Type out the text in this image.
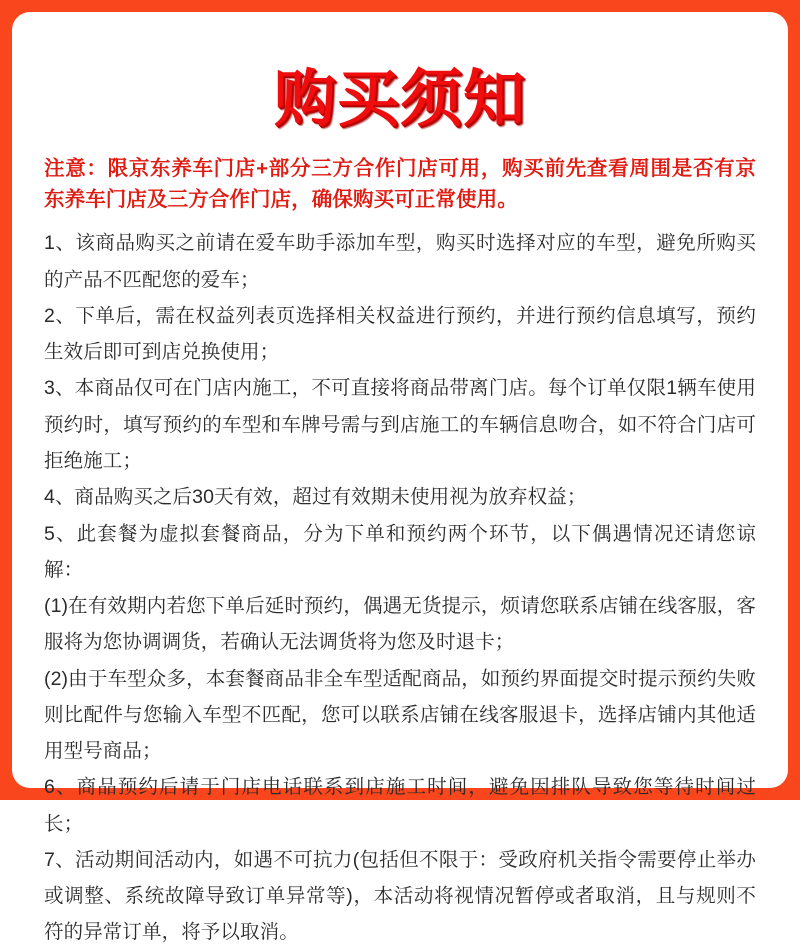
购买须知

注意：限京东养车门店+部分三方合作门店可用，购买前先查看周围是否有京东养车门店及三方合作门店，确保购买可正常使用。

1、该商品购买之前请在爱车助手添加车型，购买时选择对应的车型，避免所购买的产品不匹配您的爱车；

2、下单后，需在权益列表页选择相关权益进行预约，并进行预约信息填写，预约生效后即可到店兑换使用；

3、本商品仅可在门店内施工，不可直接将商品带离门店。每个订单仅限1辆车使用预约时，填写预约的车型和车牌号需与到店施工的车辆信息吻合，如不符合门店可拒绝施工；

4、商品购买之后30天有效，超过有效期未使用视为放弃权益；

5、此套餐为虚拟套餐商品，分为下单和预约两个环节，以下偶遇情况还请您谅解：

(1)在有效期内若您下单后延时预约，偶遇无货提示，烦请您联系店铺在线客服，客服将为您协调调货，若确认无法调货将为您及时退卡；

(2)由于车型众多，本套餐商品非全车型适配商品，如预约界面提交时提示预约失败则比配件与您输入车型不匹配，您可以联系店铺在线客服退卡，选择店铺内其他适用型号商品；

6、商品预约后请于门店电话联系到店施工时间，避免因排队导致您等待时间过长；

7、活动期间活动内，如遇不可抗力(包括但不限于：受政府机关指令需要停止举办或调整、系统故障导致订单异常等)，本活动将视情况暂停或者取消，且与规则不符的异常订单，将予以取消。
